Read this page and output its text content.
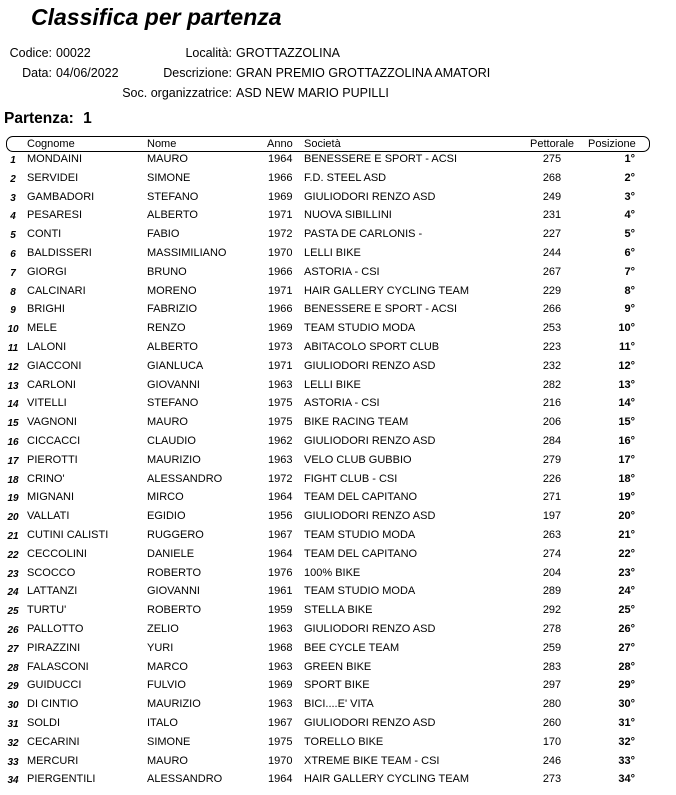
Classifica per partenza
Codice: 00022
Data: 04/06/2022
Località: GROTTAZZOLINA
Descrizione: GRAN PREMIO GROTTAZZOLINA AMATORI
Soc. organizzatrice: ASD NEW MARIO PUPILLI
Partenza: 1
Cognome	Nome	Anno Società	Pettorale Posizione
1	MONDAINI	MAURO	1964 BENESSERE E SPORT - ACSI	275	1°
2	SERVIDEI	SIMONE	1966 F.D. STEEL ASD	268	2°
3	GAMBADORI	STEFANO	1969 GIULIODORI RENZO ASD	249	3°
4	PESARESI	ALBERTO	1971 NUOVA SIBILLINI	231	4°
5	CONTI	FABIO	1972 PASTA DE CARLONIS -	227	5°
6	BALDISSERI	MASSIMILIANO	1970 LELLI BIKE	244	6°
7	GIORGI	BRUNO	1966 ASTORIA - CSI	267	7°
8	CALCINARI	MORENO	1971 HAIR GALLERY CYCLING TEAM	229	8°
9	BRIGHI	FABRIZIO	1966 BENESSERE E SPORT - ACSI	266	9°
10 MELE	RENZO	1969 TEAM STUDIO MODA	253	10°
11 LALONI	ALBERTO	1973 ABITACOLO SPORT CLUB	223	11°
12 GIACCONI	GIANLUCA	1971 GIULIODORI RENZO ASD	232	12°
13 CARLONI	GIOVANNI	1963 LELLI BIKE	282	13°
14 VITELLI	STEFANO	1975 ASTORIA - CSI	216	14°
15 VAGNONI	MAURO	1975 BIKE RACING TEAM	206	15°
16 CICCACCI	CLAUDIO	1962 GIULIODORI RENZO ASD	284	16°
17 PIEROTTI	MAURIZIO	1963 VELO CLUB GUBBIO	279	17°
18 CRINO'	ALESSANDRO	1972 FIGHT CLUB - CSI	226	18°
19 MIGNANI	MIRCO	1964 TEAM DEL CAPITANO	271	19°
20 VALLATI	EGIDIO	1956 GIULIODORI RENZO ASD	197	20°
21 CUTINI CALISTI	RUGGERO	1967 TEAM STUDIO MODA	263	21°
22 CECCOLINI	DANIELE	1964 TEAM DEL CAPITANO	274	22°
23 SCOCCO	ROBERTO	1976 100% BIKE	204	23°
24 LATTANZI	GIOVANNI	1961 TEAM STUDIO MODA	289	24°
25 TURTU'	ROBERTO	1959 STELLA BIKE	292	25°
26 PALLOTTO	ZELIO	1963 GIULIODORI RENZO ASD	278	26°
27 PIRAZZINI	YURI	1968 BEE CYCLE TEAM	259	27°
28 FALASCONI	MARCO	1963 GREEN BIKE	283	28°
29 GUIDUCCI	FULVIO	1969 SPORT BIKE	297	29°
30 DI CINTIO	MAURIZIO	1963 BICI....E' VITA	280	30°
31 SOLDI	ITALO	1967 GIULIODORI RENZO ASD	260	31°
32 CECARINI	SIMONE	1975 TORELLO BIKE	170	32°
33 MERCURI	MAURO	1970 XTREME BIKE TEAM - CSI	246	33°
34 PIERGENTILI	ALESSANDRO	1964 HAIR GALLERY CYCLING TEAM	273	34°
